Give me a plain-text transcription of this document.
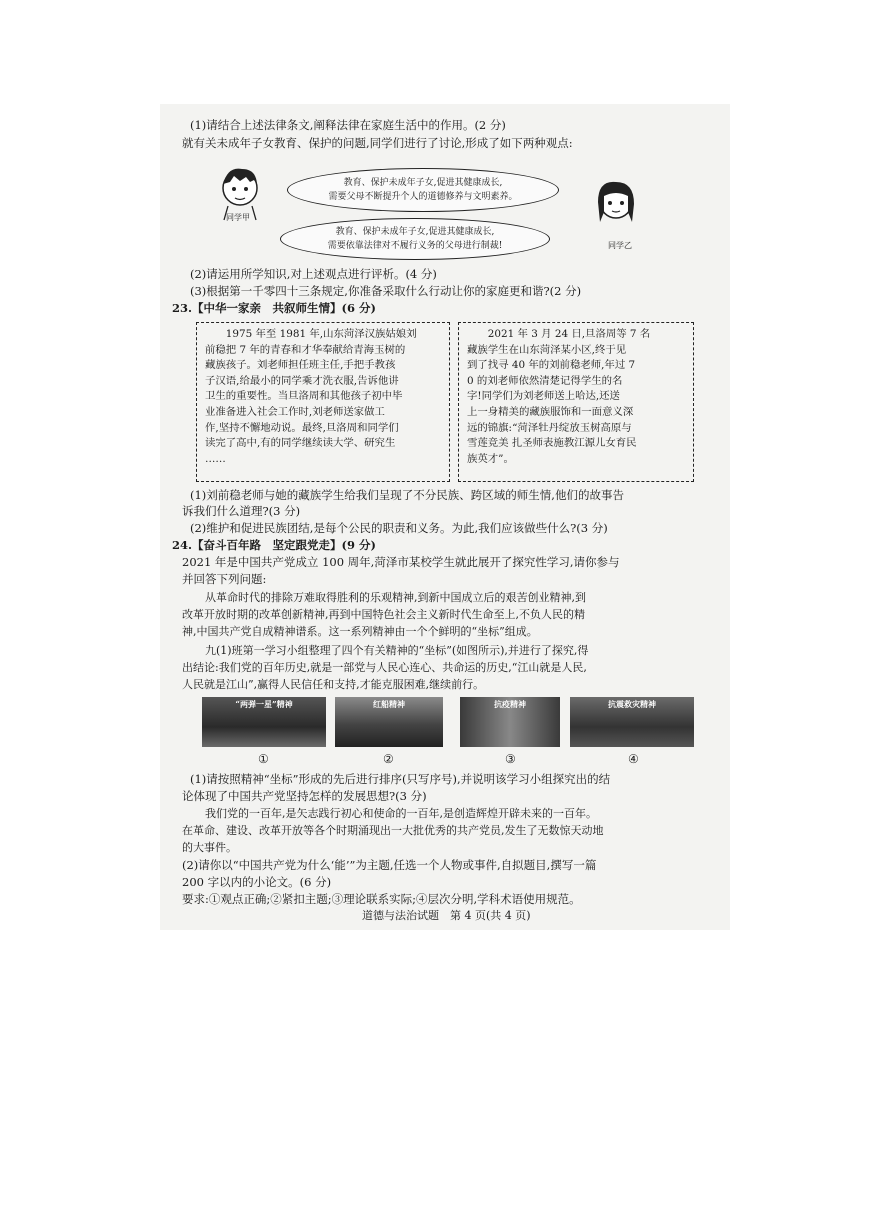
(1)请结合上述法律条文,阐释法律在家庭生活中的作用。(2 分)
就有关未成年子女教育、保护的问题,同学们进行了讨论,形成了如下两种观点:
同学甲
教育、保护未成年子女,促进其健康成长,
需要父母不断提升个人的道德修养与文明素养。
教育、保护未成年子女,促进其健康成长,
需要依靠法律对不履行义务的父母进行制裁!	同学乙
(2)请运用所学知识,对上述观点进行评析。(4 分)
(3)根据第一千零四十三条规定,你准备采取什么行动让你的家庭更和谐?(2 分)
23.【中华一家亲　共叙师生情】(6 分)
1975 年至 1981 年,山东菏泽汉族姑娘刘
前稳把 7 年的青春和才华奉献给青海玉树的
藏族孩子。刘老师担任班主任,手把手教孩
子汉语,给最小的同学乘才洗衣服,告诉他讲
卫生的重要性。当旦洛周和其他孩子初中毕
业准备进入社会工作时,刘老师送家做工
作,坚持不懈地动说。最终,旦洛周和同学们
读完了高中,有的同学继续读大学、研究生
……
2021 年 3 月 24 日,旦洛周等 7 名
藏族学生在山东菏泽某小区,终于见
到了找寻 40 年的刘前稳老师,年过 7
0 的刘老师依然清楚记得学生的名
字!同学们为刘老师送上哈达,还送
上一身精美的藏族服饰和一面意义深
远的锦旗:“菏泽牡丹绽放玉树高原与
雪莲竞美 扎圣师表施教江源儿女育民
族英才”。
(1)刘前稳老师与她的藏族学生给我们呈现了不分民族、跨区域的师生情,他们的故事告
诉我们什么道理?(3 分)
(2)维护和促进民族团结,是每个公民的职责和义务。为此,我们应该做些什么?(3 分)
24.【奋斗百年路　坚定跟党走】(9 分)
2021 年是中国共产党成立 100 周年,菏泽市某校学生就此展开了探究性学习,请你参与
并回答下列问题:
从革命时代的排除万难取得胜利的乐观精神,到新中国成立后的艰苦创业精神,到
改革开放时期的改革创新精神,再到中国特色社会主义新时代生命至上,不负人民的精
神,中国共产党自成精神谱系。这一系列精神由一个个鲜明的“坐标”组成。
九(1)班第一学习小组整理了四个有关精神的“坐标”(如图所示),并进行了探究,得
出结论:我们党的百年历史,就是一部党与人民心连心、共命运的历史,“江山就是人民,
人民就是江山”,赢得人民信任和支持,才能克服困难,继续前行。
“两弹一星”精神	红船精神	抗疫精神	抗震救灾精神
①	②	③	④
(1)请按照精神“坐标”形成的先后进行排序(只写序号),并说明该学习小组探究出的结
论体现了中国共产党坚持怎样的发展思想?(3 分)
我们党的一百年,是矢志践行初心和使命的一百年,是创造辉煌开辟未来的一百年。
在革命、建设、改革开放等各个时期涌现出一大批优秀的共产党员,发生了无数惊天动地
的大事件。
(2)请你以“中国共产党为什么‘能’”为主题,任选一个人物或事件,自拟题目,撰写一篇
200 字以内的小论文。(6 分)
要求:①观点正确;②紧扣主题;③理论联系实际;④层次分明,学科术语使用规范。
道德与法治试题　第 4 页(共 4 页)
